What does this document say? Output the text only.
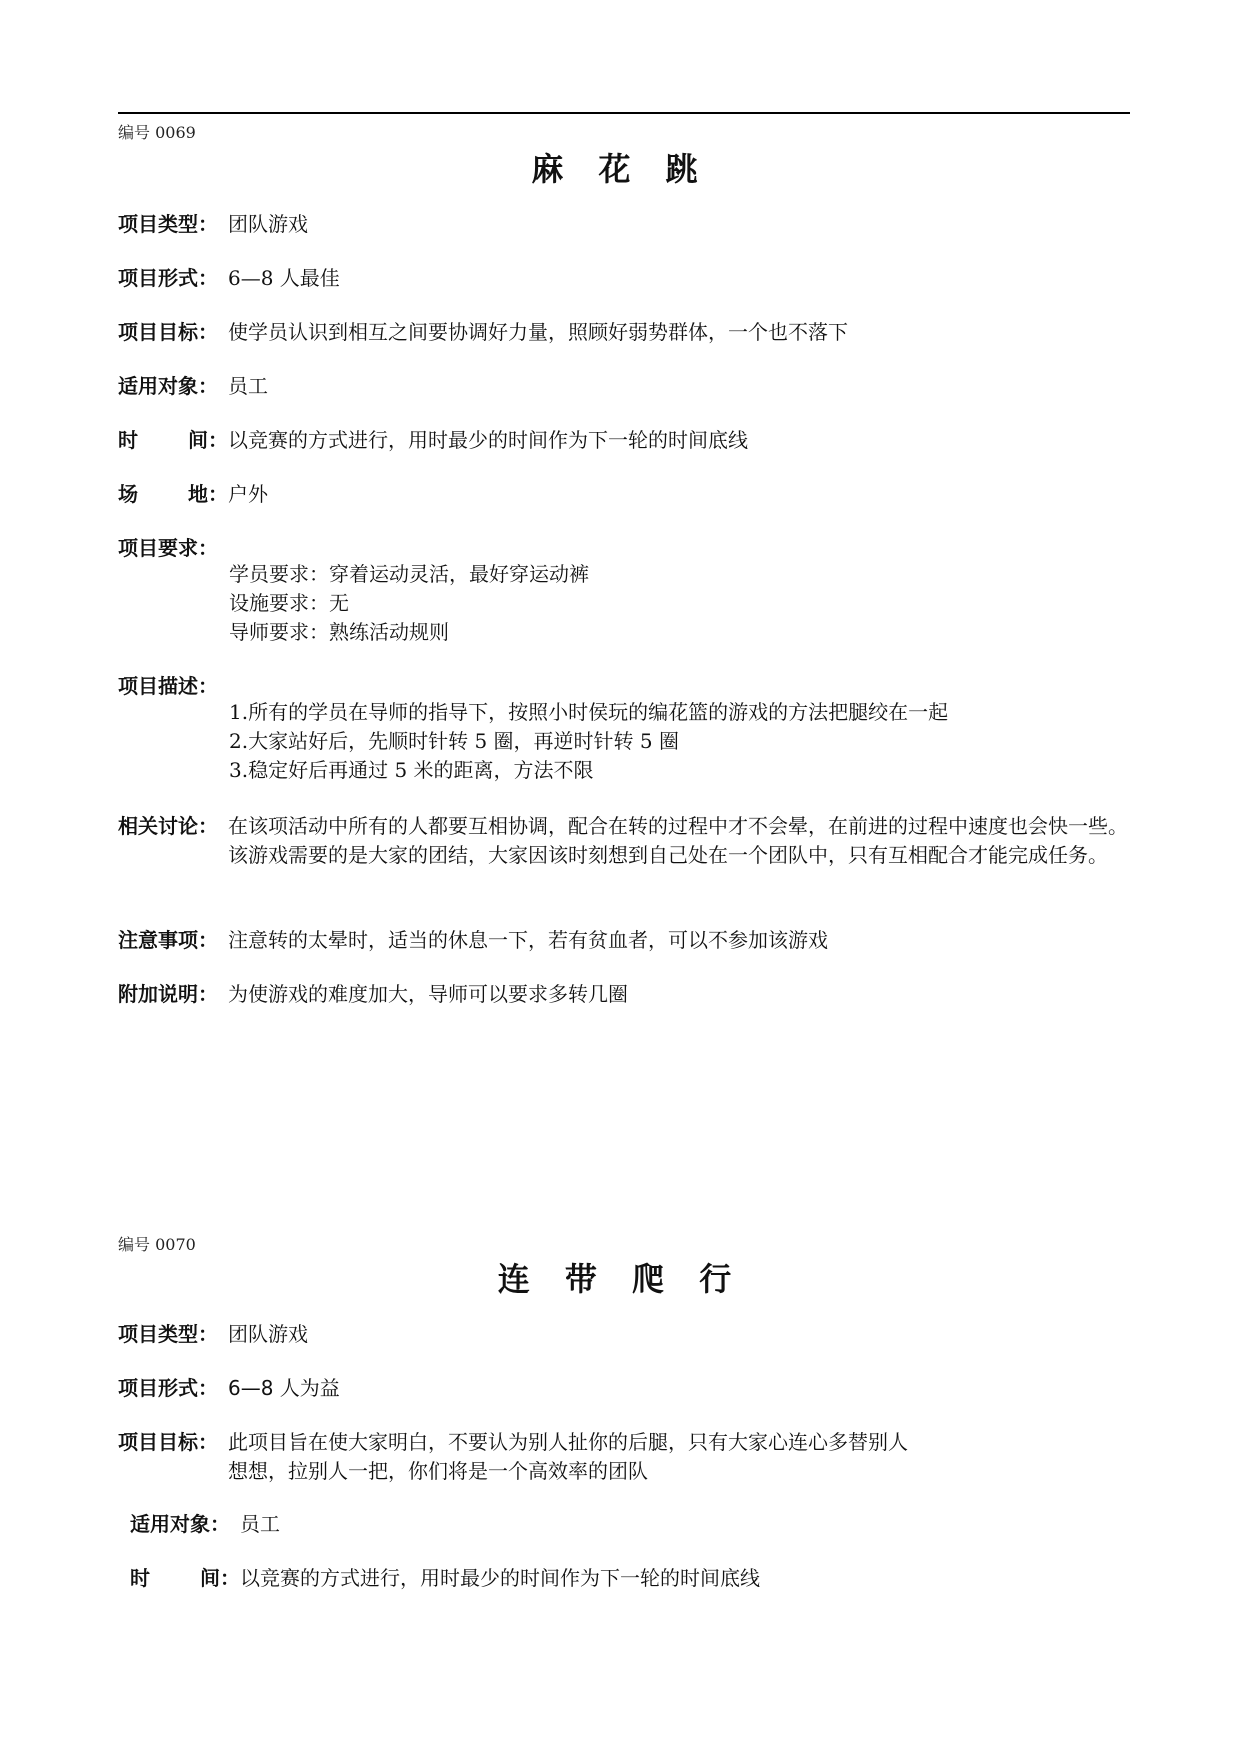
编号 0069
麻 花 跳
项目类型： 团队游戏
项目形式： 6—8 人最佳
项目目标： 使学员认识到相互之间要协调好力量，照顾好弱势群体，一个也不落下
适用对象： 员工
时	间： 以竞赛的方式进行，用时最少的时间作为下一轮的时间底线
场	地： 户外
项目要求：
学员要求：穿着运动灵活，最好穿运动裤
设施要求：无
导师要求：熟练活动规则
项目描述：
1.所有的学员在导师的指导下，按照小时侯玩的编花篮的游戏的方法把腿绞在一起
2.大家站好后，先顺时针转 5 圈，再逆时针转 5 圈
3.稳定好后再通过 5 米的距离，方法不限
相关讨论： 在该项活动中所有的人都要互相协调，配合在转的过程中才不会晕，在前进的过程中速度也会快一些。该游戏需要的是大家的团结，大家因该时刻想到自己处在一个团队中，只有互相配合才能完成任务。
注意事项： 注意转的太晕时，适当的休息一下，若有贫血者，可以不参加该游戏
附加说明： 为使游戏的难度加大，导师可以要求多转几圈
编号 0070
连 带 爬 行
项目类型： 团队游戏
项目形式： 6—8 人为益
项目目标： 此项目旨在使大家明白，不要认为别人扯你的后腿，只有大家心连心多替别人
想想，拉别人一把，你们将是一个高效率的团队
适用对象： 员工
时	间： 以竞赛的方式进行，用时最少的时间作为下一轮的时间底线
